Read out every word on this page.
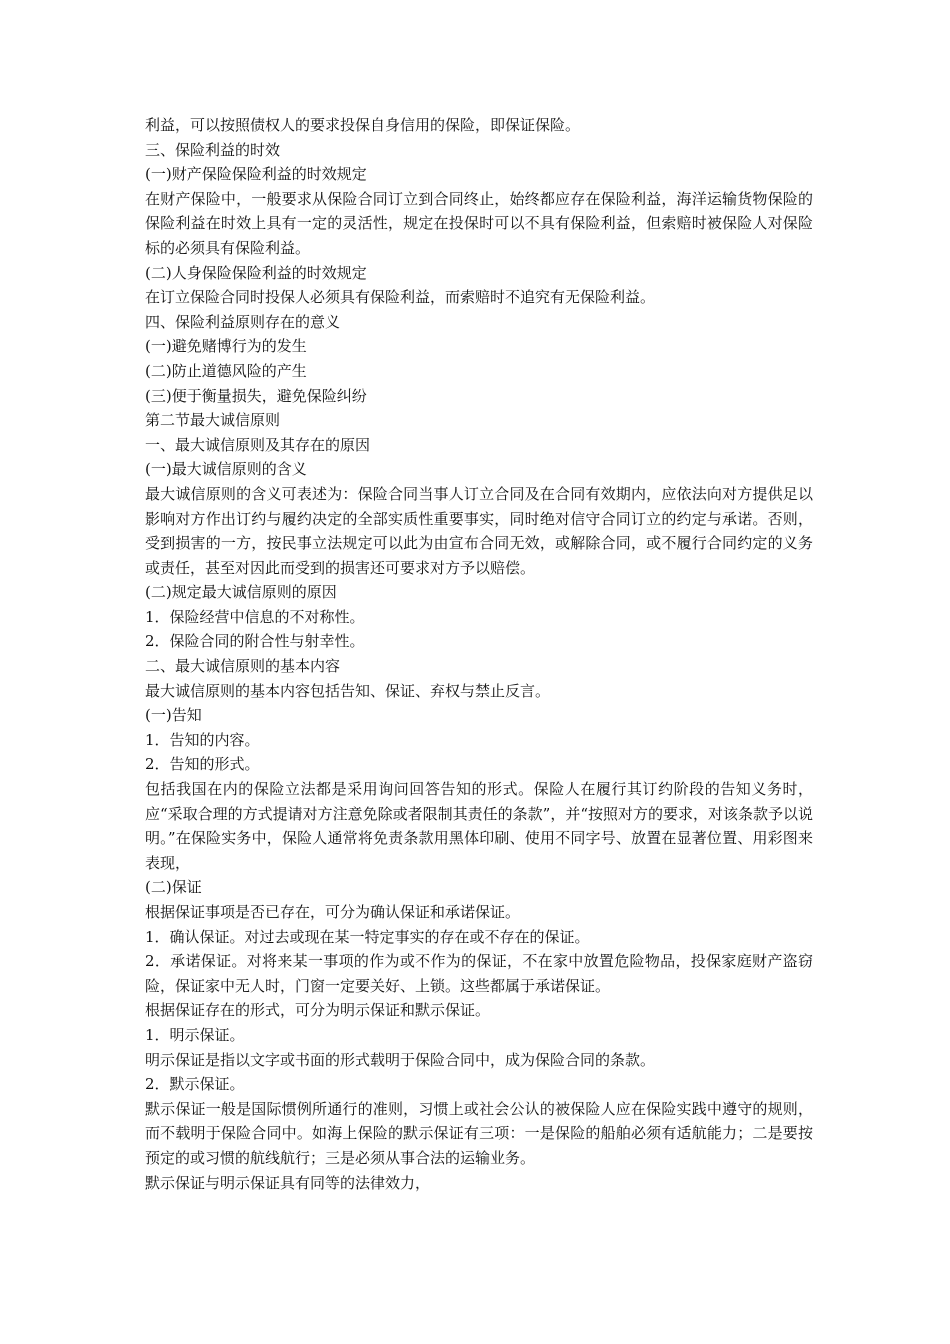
利益，可以按照债权人的要求投保自身信用的保险，即保证保险。
三、保险利益的时效
(一)财产保险保险利益的时效规定
在财产保险中，一般要求从保险合同订立到合同终止，始终都应存在保险利益，海洋运输货物保险的保险利益在时效上具有一定的灵活性，规定在投保时可以不具有保险利益，但索赔时被保险人对保险标的必须具有保险利益。
(二)人身保险保险利益的时效规定
在订立保险合同时投保人必须具有保险利益，而索赔时不追究有无保险利益。
四、保险利益原则存在的意义
(一)避免赌博行为的发生
(二)防止道德风险的产生
(三)便于衡量损失，避免保险纠纷
第二节最大诚信原则
一、最大诚信原则及其存在的原因
(一)最大诚信原则的含义
最大诚信原则的含义可表述为：保险合同当事人订立合同及在合同有效期内，应依法向对方提供足以影响对方作出订约与履约决定的全部实质性重要事实，同时绝对信守合同订立的约定与承诺。否则，受到损害的一方，按民事立法规定可以此为由宣布合同无效，或解除合同，或不履行合同约定的义务或责任，甚至对因此而受到的损害还可要求对方予以赔偿。
(二)规定最大诚信原则的原因
1．保险经营中信息的不对称性。
2．保险合同的附合性与射幸性。
二、最大诚信原则的基本内容
最大诚信原则的基本内容包括告知、保证、弃权与禁止反言。
(一)告知
1．告知的内容。
2．告知的形式。
包括我国在内的保险立法都是采用询问回答告知的形式。保险人在履行其订约阶段的告知义务时，应“采取合理的方式提请对方注意免除或者限制其责任的条款”，并“按照对方的要求，对该条款予以说明。”在保险实务中，保险人通常将免责条款用黑体印刷、使用不同字号、放置在显著位置、用彩图来表现，
(二)保证
根据保证事项是否已存在，可分为确认保证和承诺保证。
1．确认保证。对过去或现在某一特定事实的存在或不存在的保证。
2．承诺保证。对将来某一事项的作为或不作为的保证，不在家中放置危险物品，投保家庭财产盗窃险，保证家中无人时，门窗一定要关好、上锁。这些都属于承诺保证。
根据保证存在的形式，可分为明示保证和默示保证。
1．明示保证。
明示保证是指以文字或书面的形式载明于保险合同中，成为保险合同的条款。
2．默示保证。
默示保证一般是国际惯例所通行的准则，习惯上或社会公认的被保险人应在保险实践中遵守的规则，而不载明于保险合同中。如海上保险的默示保证有三项：一是保险的船舶必须有适航能力；二是要按预定的或习惯的航线航行；三是必须从事合法的运输业务。
默示保证与明示保证具有同等的法律效力，
